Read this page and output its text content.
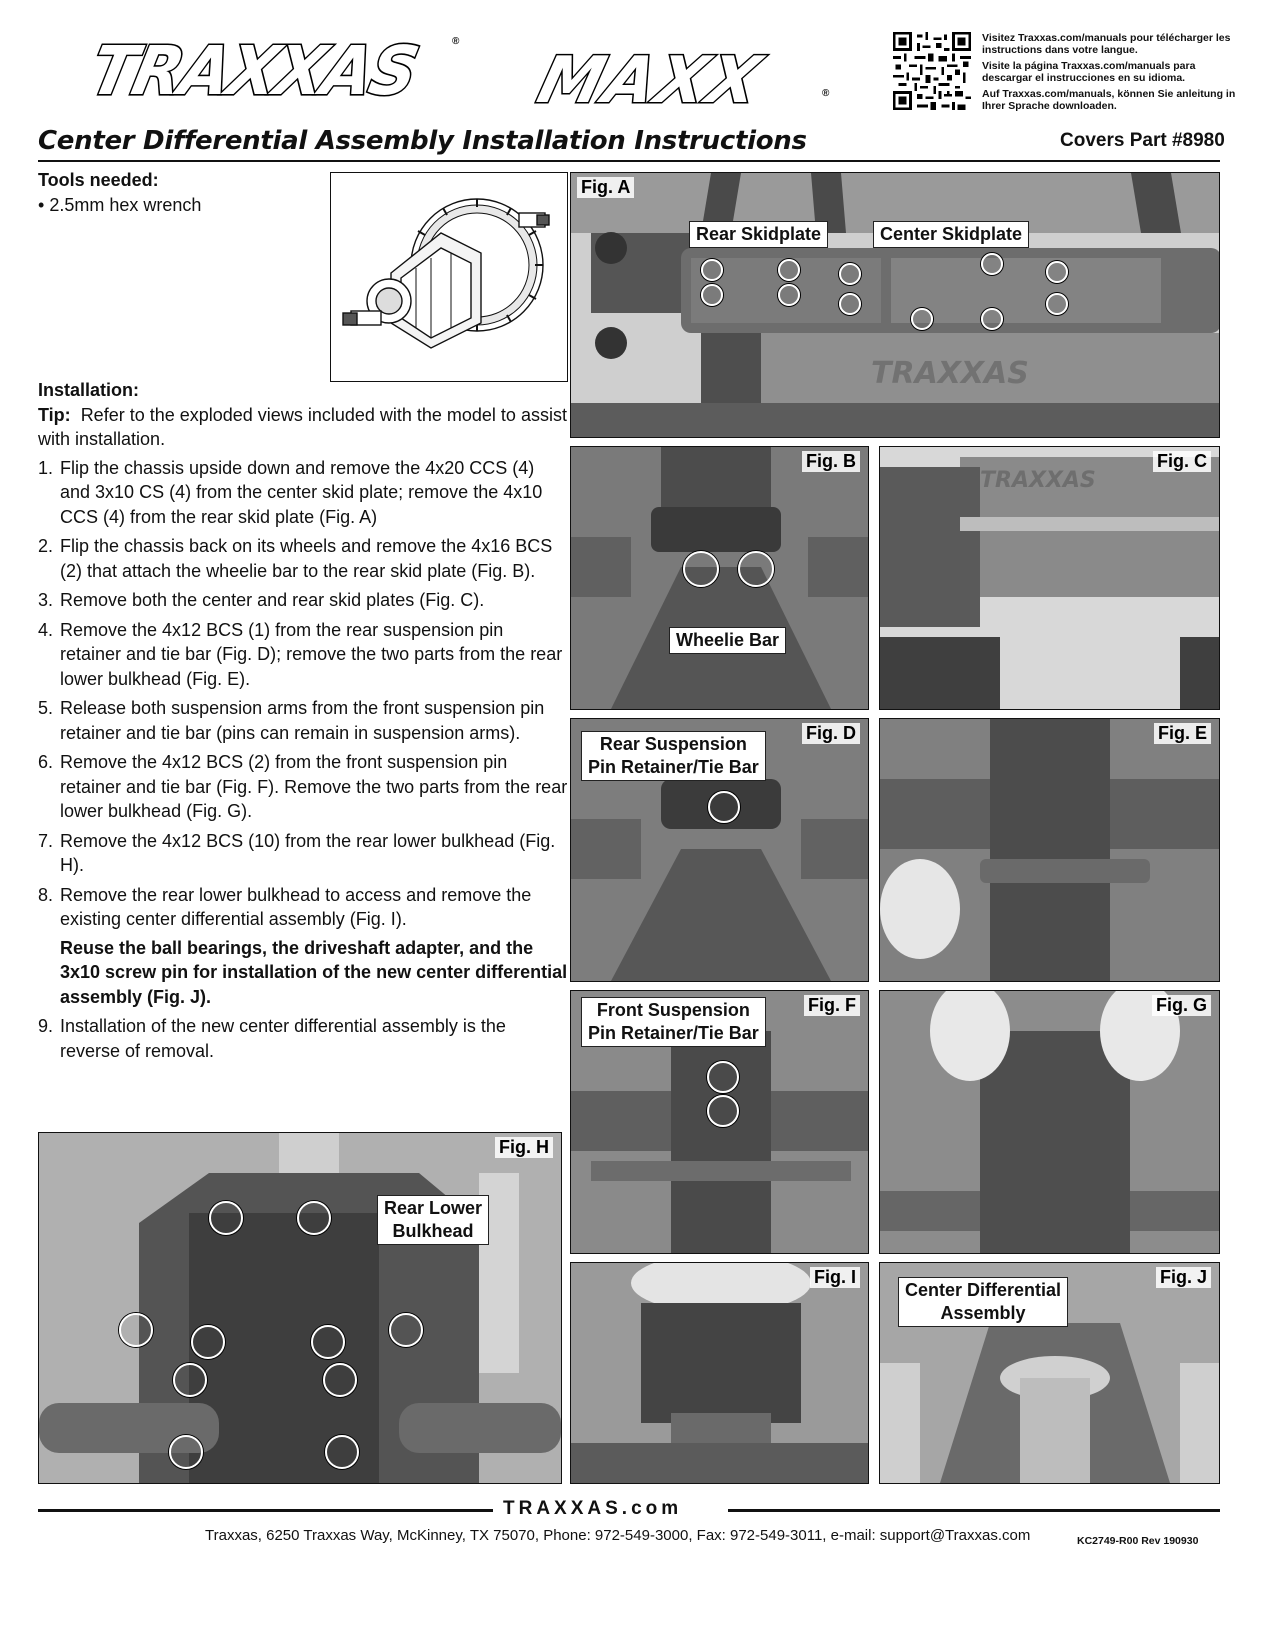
TRAXXAS	®
MAXX	®

Visitez Traxxas.com/manuals pour télécharger les instructions dans votre langue.

Visite la página Traxxas.com/manuals para descargar el instrucciones en su idioma.

Auf Traxxas.com/manuals, können Sie anleitung in Ihrer Sprache downloaden.

Center Differential Assembly Installation Instructions	Covers Part #8980
Tools needed:
• 2.5mm hex wrench
Installation:
Tip: Refer to the exploded views included with the model to assist with installation.
1. Flip the chassis upside down and remove the 4x20 CCS (4) and 3x10 CS (4) from the center skid plate; remove the 4x10 CCS (4) from the rear skid plate (Fig. A)
2. Flip the chassis back on its wheels and remove the 4x16 BCS (2) that attach the wheelie bar to the rear skid plate (Fig. B).
3. Remove both the center and rear skid plates (Fig. C).
4. Remove the 4x12 BCS (1) from the rear suspension pin retainer and tie bar (Fig. D); remove the two parts from the rear lower bulkhead (Fig. E).
5. Release both suspension arms from the front suspension pin retainer and tie bar (pins can remain in suspension arms).
6. Remove the 4x12 BCS (2) from the front suspension pin retainer and tie bar (Fig. F). Remove the two parts from the rear lower bulkhead (Fig. G).
7. Remove the 4x12 BCS (10) from the rear lower bulkhead (Fig. H).
8. Remove the rear lower bulkhead to access and remove the existing center differential assembly (Fig. I).
Reuse the ball bearings, the driveshaft adapter, and the 3x10 screw pin for installation of the new center differential assembly (Fig. J).
9. Installation of the new center differential assembly is the reverse of removal.
TRAXXAS
Fig. A
Rear Skidplate	Center Skidplate
Fig. B
Wheelie Bar
TRAXXAS
Fig. C
Fig. D
Rear Suspension
Pin Retainer/Tie Bar
Fig. E
Fig. F
Front Suspension
Pin Retainer/Tie Bar
Fig. G
Fig. H
Rear Lower
Bulkhead
Fig. I	Fig. J
Center Differential
Assembly
TRAXXAS.com
Traxxas, 6250 Traxxas Way, McKinney, TX 75070, Phone: 972-549-3000, Fax: 972-549-3011, e-mail: support@Traxxas.com	KC2749-R00 Rev 190930
